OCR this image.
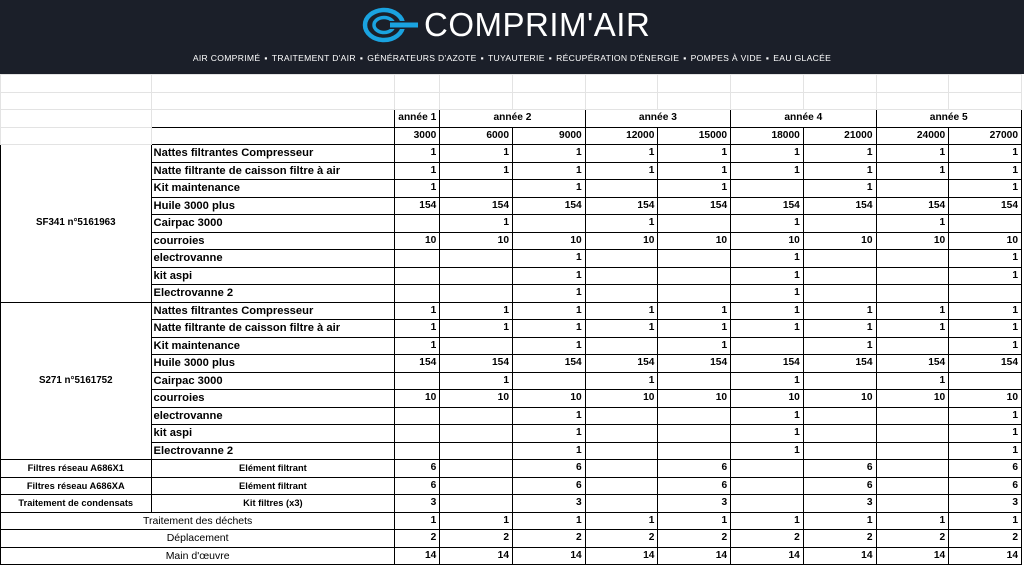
COMPRIM'AIR
AIR COMPRIMÉ ▪ TRAITEMENT D'AIR ▪ GÉNÉRATEURS D'AZOTE ▪ TUYAUTERIE ▪ RÉCUPÉRATION D'ÉNERGIE ▪ POMPES À VIDE ▪ EAU GLACÉE

		année 1	année 2		année 3		année 4		année 5	
		3000	6000	9000	12000	15000	18000	21000	24000	27000
SF341 n°5161963	Nattes filtrantes Compresseur	1	1	1	1	1	1	1	1	1
	Natte filtrante de caisson filtre à air	1	1	1	1	1	1	1	1	1
	Kit maintenance	1		1		1		1		1
	Huile 3000 plus	154	154	154	154	154	154	154	154	154
	Cairpac 3000		1		1		1		1	
	courroies	10	10	10	10	10	10	10	10	10
	electrovanne			1			1			1
	kit aspi			1			1			1
	Electrovanne 2			1			1			
S271 n°5161752	Nattes filtrantes Compresseur	1	1	1	1	1	1	1	1	1
	Natte filtrante de caisson filtre à air	1	1	1	1	1	1	1	1	1
	Kit maintenance	1		1		1		1		1
	Huile 3000 plus	154	154	154	154	154	154	154	154	154
	Cairpac 3000		1		1		1		1	
	courroies	10	10	10	10	10	10	10	10	10
	electrovanne			1			1			1
	kit aspi			1			1			1
	Electrovanne 2			1			1			1
Filtres réseau A686X1	Elément filtrant	6		6		6		6		6
Filtres réseau A686XA	Elément filtrant	6		6		6		6		6
Traitement de condensats	Kit filtres (x3)	3		3		3		3		3
Traitement des déchets		1	1	1	1	1	1	1	1	1
Déplacement		2	2	2	2	2	2	2	2	2
Main d'œuvre		14	14	14	14	14	14	14	14	14
